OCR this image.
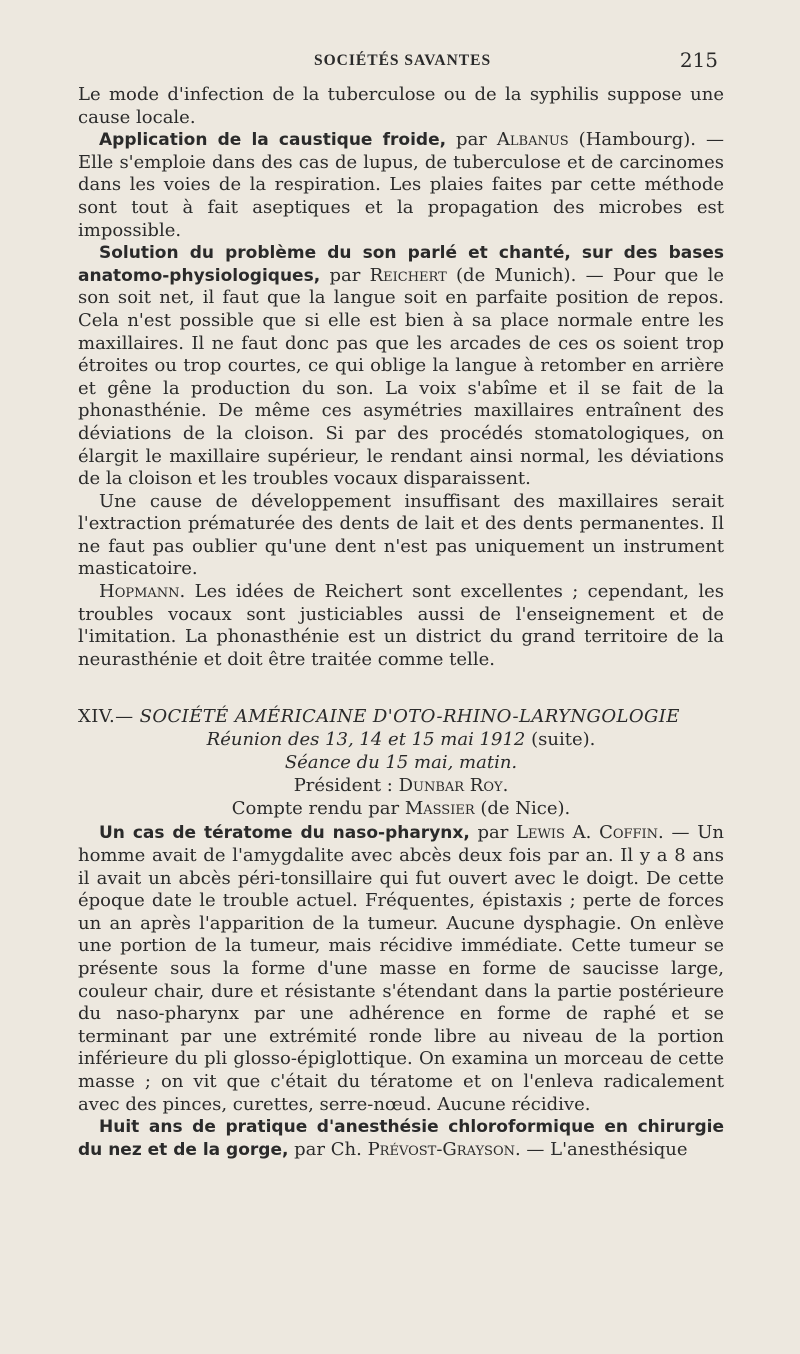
SOCIÉTÉS SAVANTES	215

Le mode d'infection de la tuberculose ou de la syphilis suppose une cause locale.

Application de la caustique froide, par Albanus (Hambourg). — Elle s'emploie dans des cas de lupus, de tuberculose et de carcinomes dans les voies de la respiration. Les plaies faites par cette méthode sont tout à fait aseptiques et la propagation des microbes est impossible.

Solution du problème du son parlé et chanté, sur des bases anatomo-physiologiques, par Reichert (de Munich). — Pour que le son soit net, il faut que la langue soit en parfaite position de repos. Cela n'est possible que si elle est bien à sa place normale entre les maxillaires. Il ne faut donc pas que les arcades de ces os soient trop étroites ou trop courtes, ce qui oblige la langue à retomber en arrière et gêne la production du son. La voix s'abîme et il se fait de la phonasthénie. De même ces asymétries maxillaires entraînent des déviations de la cloison. Si par des procédés stomatologiques, on élargit le maxillaire supérieur, le rendant ainsi normal, les déviations de la cloison et les troubles vocaux disparaissent.

Une cause de développement insuffisant des maxillaires serait l'extraction prématurée des dents de lait et des dents permanentes. Il ne faut pas oublier qu'une dent n'est pas uniquement un instrument masticatoire.

Hopmann. Les idées de Reichert sont excellentes ; cependant, les troubles vocaux sont justiciables aussi de l'enseignement et de l'imitation. La phonasthénie est un district du grand territoire de la neurasthénie et doit être traitée comme telle.

XIV.— SOCIÉTÉ AMÉRICAINE D'OTO-RHINO-LARYNGOLOGIE
Réunion des 13, 14 et 15 mai 1912 (suite).
Séance du 15 mai, matin.
Président : Dunbar Roy.
Compte rendu par Massier (de Nice).

Un cas de tératome du naso-pharynx, par Lewis A. Coffin. — Un homme avait de l'amygdalite avec abcès deux fois par an. Il y a 8 ans il avait un abcès péri-tonsillaire qui fut ouvert avec le doigt. De cette époque date le trouble actuel. Fréquentes, épistaxis ; perte de forces un an après l'apparition de la tumeur. Aucune dysphagie. On enlève une portion de la tumeur, mais récidive immédiate. Cette tumeur se présente sous la forme d'une masse en forme de saucisse large, couleur chair, dure et résistante s'étendant dans la partie postérieure du naso-pharynx par une adhérence en forme de raphé et se terminant par une extrémité ronde libre au niveau de la portion inférieure du pli glosso-épiglottique. On examina un morceau de cette masse ; on vit que c'était du tératome et on l'enleva radicalement avec des pinces, curettes, serre-nœud. Aucune récidive.

Huit ans de pratique d'anesthésie chloroformique en chirurgie du nez et de la gorge, par Ch. Prévost-Grayson. — L'anesthésique
